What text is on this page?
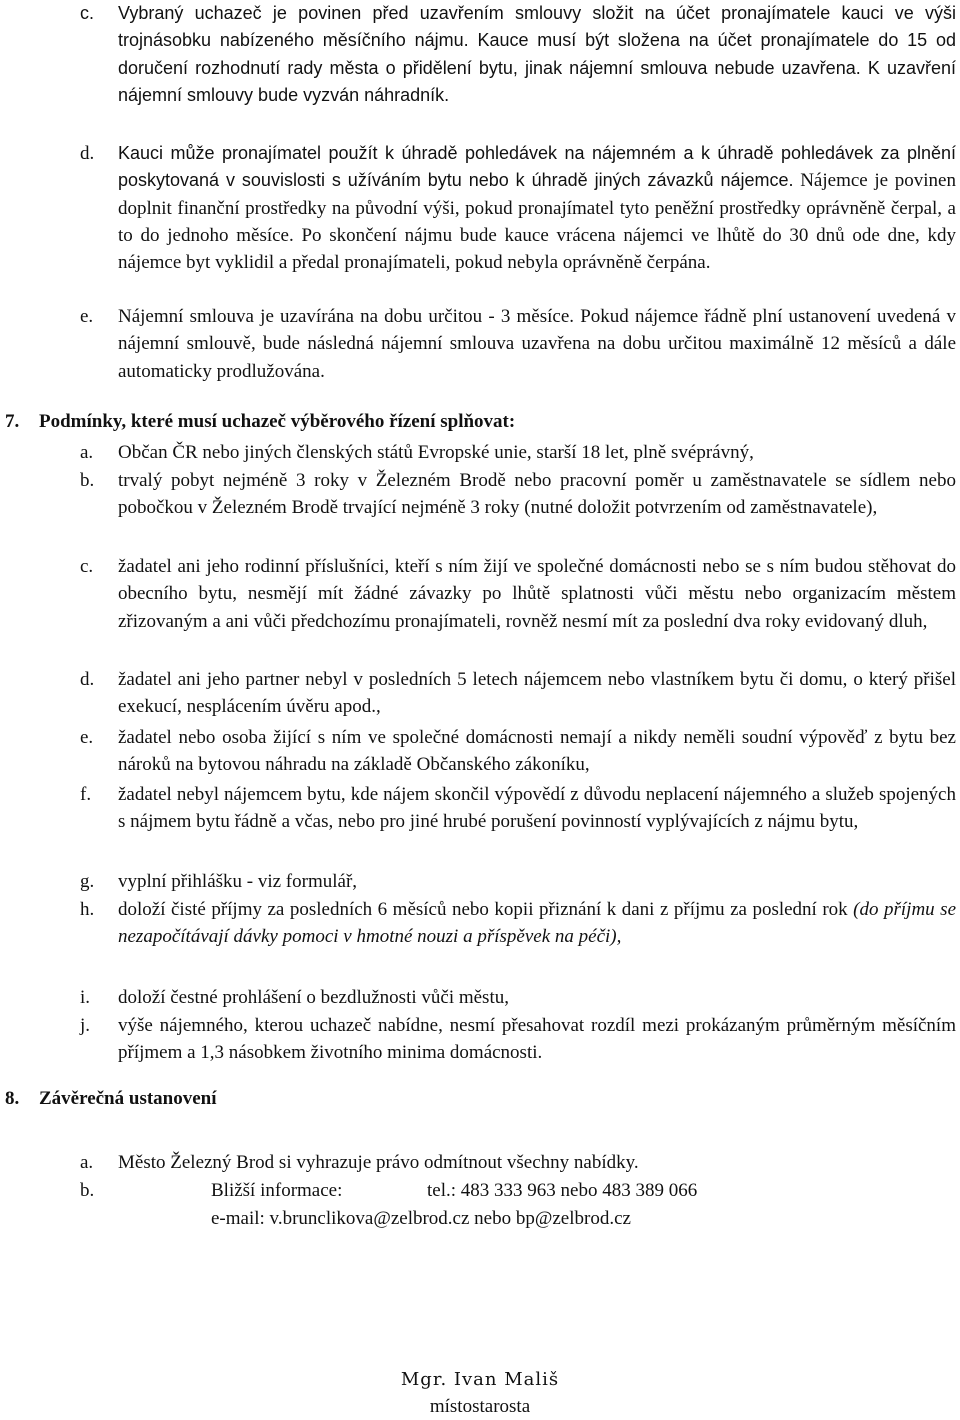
c. Vybraný uchazeč je povinen před uzavřením smlouvy složit na účet pronajímatele kauci ve výši trojnásobku nabízeného měsíčního nájmu. Kauce musí být složena na účet pronajímatele do 15 od doručení rozhodnutí rady města o přidělení bytu, jinak nájemní smlouva nebude uzavřena. K uzavření nájemní smlouvy bude vyzván náhradník.
d. Kauci může pronajímatel použít k úhradě pohledávek na nájemném a k úhradě pohledávek za plnění poskytovaná v souvislosti s užíváním bytu nebo k úhradě jiných závazků nájemce. Nájemce je povinen doplnit finanční prostředky na původní výši, pokud pronajímatel tyto peněžní prostředky oprávněně čerpal, a to do jednoho měsíce. Po skončení nájmu bude kauce vrácena nájemci ve lhůtě do 30 dnů ode dne, kdy nájemce byt vyklidil a předal pronajímateli, pokud nebyla oprávněně čerpána.
e. Nájemní smlouva je uzavírána na dobu určitou - 3 měsíce. Pokud nájemce řádně plní ustanovení uvedená v nájemní smlouvě, bude následná nájemní smlouva uzavřena na dobu určitou maximálně 12 měsíců a dále automaticky prodlužována.
7. Podmínky, které musí uchazeč výběrového řízení splňovat:
a. Občan ČR nebo jiných členských států Evropské unie, starší 18 let, plně svéprávný,
b. trvalý pobyt nejméně 3 roky v Železném Brodě nebo pracovní poměr u zaměstnavatele se sídlem nebo pobočkou v Železném Brodě trvající nejméně 3 roky (nutné doložit potvrzením od zaměstnavatele),
c. žadatel ani jeho rodinní příslušníci, kteří s ním žijí ve společné domácnosti nebo se s ním budou stěhovat do obecního bytu, nesmějí mít žádné závazky po lhůtě splatnosti vůči městu nebo organizacím městem zřizovaným a ani vůči předchozímu pronajímateli, rovněž nesmí mít za poslední dva roky evidovaný dluh,
d. žadatel ani jeho partner nebyl v posledních 5 letech nájemcem nebo vlastníkem bytu či domu, o který přišel exekucí, nesplácením úvěru apod.,
e. žadatel nebo osoba žijící s ním ve společné domácnosti nemají a nikdy neměli soudní výpověď z bytu bez nároků na bytovou náhradu na základě Občanského zákoníku,
f. žadatel nebyl nájemcem bytu, kde nájem skončil výpovědí z důvodu neplacení nájemného a služeb spojených s nájmem bytu řádně a včas, nebo pro jiné hrubé porušení povinností vyplývajících z nájmu bytu,
g. vyplní přihlášku - viz formulář,
h. doloží čisté příjmy za posledních 6 měsíců nebo kopii přiznání k dani z příjmu za poslední rok (do příjmu se nezapočítávají dávky pomoci v hmotné nouzi a příspěvek na péči),
i. doloží čestné prohlášení o bezdlužnosti vůči městu,
j. výše nájemného, kterou uchazeč nabídne, nesmí přesahovat rozdíl mezi prokázaným průměrným měsíčním příjmem a 1,3 násobkem životního minima domácnosti.
8. Závěrečná ustanovení
a. Město Železný Brod si vyhrazuje právo odmítnout všechny nabídky.
b.	Bližší informace:	tel.: 483 333 963 nebo 483 389 066
e-mail: v.brunclikova@zelbrod.cz nebo bp@zelbrod.cz
Mgr. Ivan Mališ
místostarosta
